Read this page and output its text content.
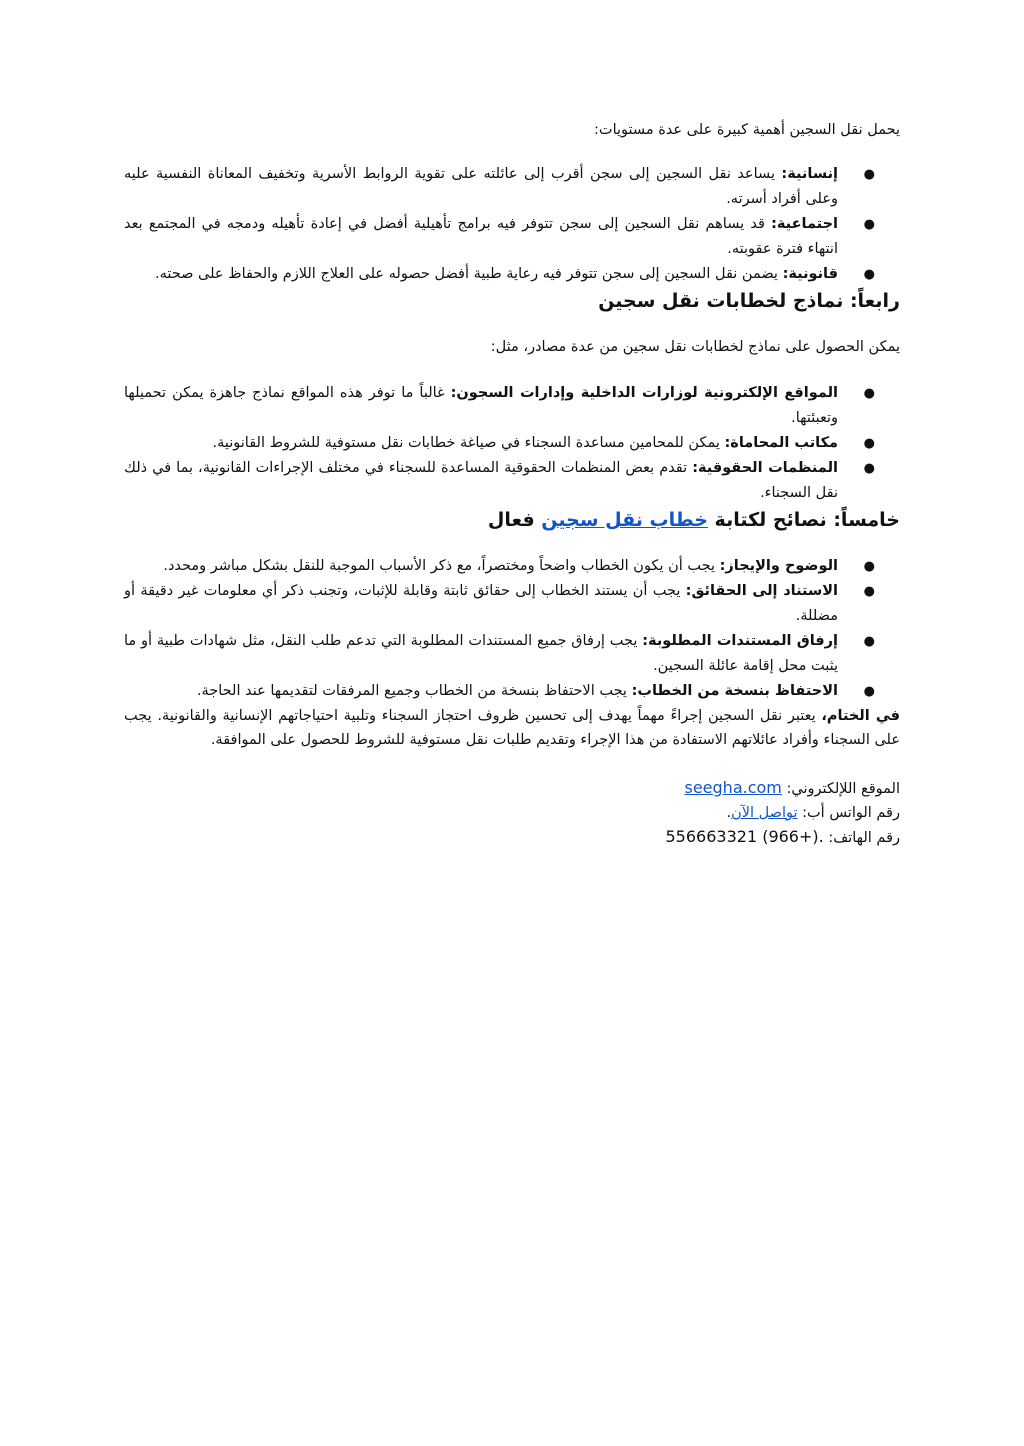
يحمل نقل السجين أهمية كبيرة على عدة مستويات:

●
إنسانية: يساعد نقل السجين إلى سجن أقرب إلى عائلته على تقوية الروابط الأسرية وتخفيف المعاناة النفسية عليه وعلى أفراد أسرته.
●
اجتماعية: قد يساهم نقل السجين إلى سجن تتوفر فيه برامج تأهيلية أفضل في إعادة تأهيله ودمجه في المجتمع بعد انتهاء فترة عقوبته.
●
قانونية: يضمن نقل السجين إلى سجن تتوفر فيه رعاية طبية أفضل حصوله على العلاج اللازم والحفاظ على صحته.
رابعاً: نماذج لخطابات نقل سجين

يمكن الحصول على نماذج لخطابات نقل سجين من عدة مصادر، مثل:

●
المواقع الإلكترونية لوزارات الداخلية وإدارات السجون: غالباً ما توفر هذه المواقع نماذج جاهزة يمكن تحميلها وتعبئتها.
●
مكاتب المحاماة: يمكن للمحامين مساعدة السجناء في صياغة خطابات نقل مستوفية للشروط القانونية.
●
المنظمات الحقوقية: تقدم بعض المنظمات الحقوقية المساعدة للسجناء في مختلف الإجراءات القانونية، بما في ذلك نقل السجناء.
خامساً: نصائح لكتابة خطاب نقل سجين فعال
●
الوضوح والإيجاز: يجب أن يكون الخطاب واضحاً ومختصراً، مع ذكر الأسباب الموجبة للنقل بشكل مباشر ومحدد.
●
الاستناد إلى الحقائق: يجب أن يستند الخطاب إلى حقائق ثابتة وقابلة للإثبات، وتجنب ذكر أي معلومات غير دقيقة أو مضللة.
●
إرفاق المستندات المطلوبة: يجب إرفاق جميع المستندات المطلوبة التي تدعم طلب النقل، مثل شهادات طبية أو ما يثبت محل إقامة عائلة السجين.
●
الاحتفاظ بنسخة من الخطاب: يجب الاحتفاظ بنسخة من الخطاب وجميع المرفقات لتقديمها عند الحاجة.

في الختام، يعتبر نقل السجين إجراءً مهماً يهدف إلى تحسين ظروف احتجاز السجناء وتلبية احتياجاتهم الإنسانية والقانونية. يجب على السجناء وأفراد عائلاتهم الاستفادة من هذا الإجراء وتقديم طلبات نقل مستوفية للشروط للحصول على الموافقة.

الموقع اللإلكتروني: seegha.com

رقم الواتس أب: تواصل الآن.

رقم الهاتف: 556663321 (966+).
